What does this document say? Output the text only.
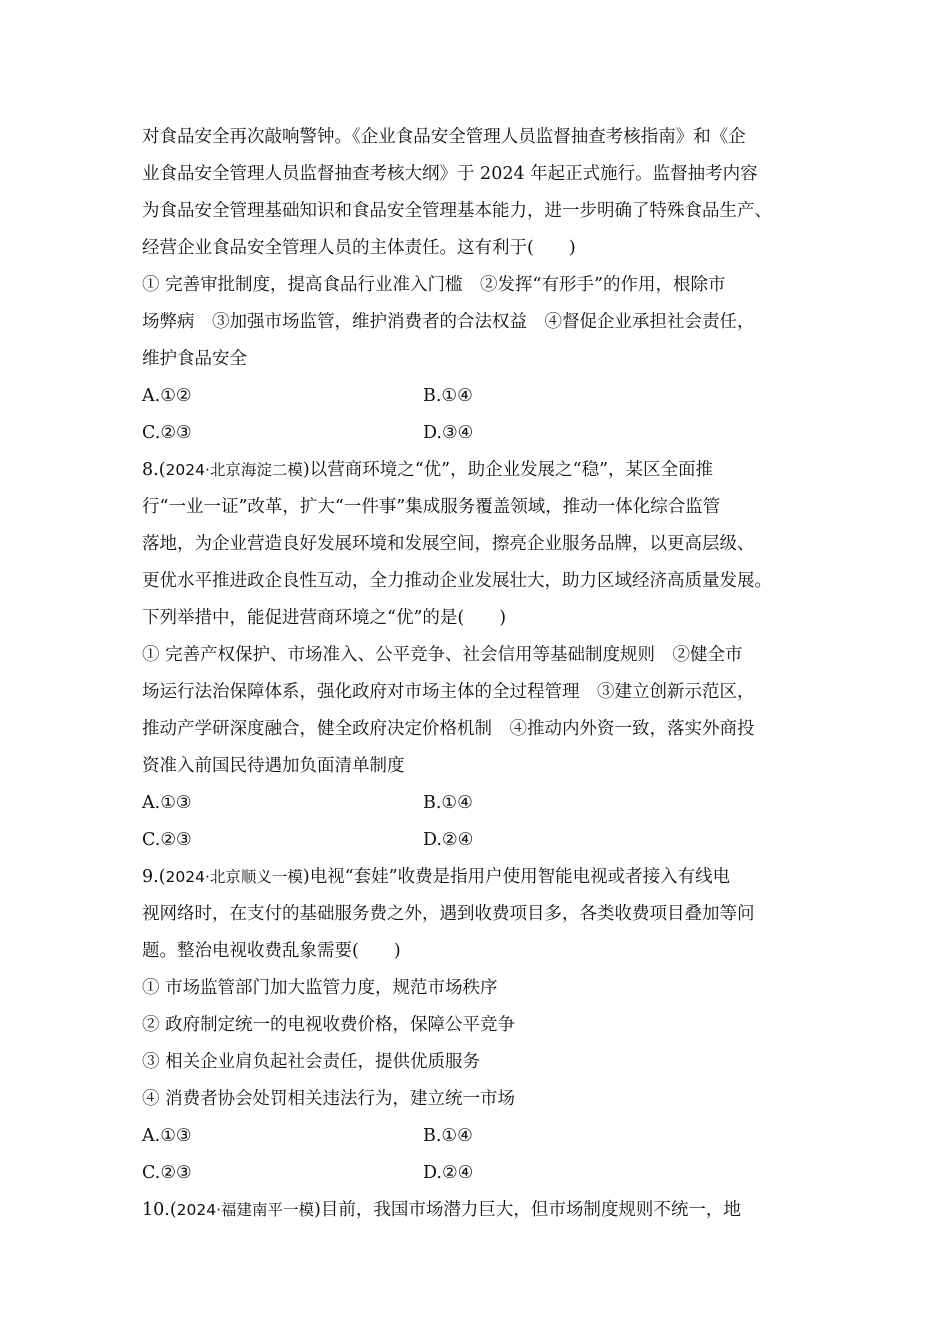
对食品安全再次敲响警钟。《企业食品安全管理人员监督抽查考核指南》和《企
业食品安全管理人员监督抽查考核大纲》于 2024 年起正式施行。监督抽考内容
为食品安全管理基础知识和食品安全管理基本能力，进一步明确了特殊食品生产、
经营企业食品安全管理人员的主体责任。这有利于(　　)
① 完善审批制度，提高食品行业准入门槛　②发挥“有形手”的作用，根除市
场弊病　③加强市场监管，维护消费者的合法权益　④督促企业承担社会责任，
维护食品安全
A.①②	B.①④
C.②③	D.③④
8.(2024·北京海淀二模)以营商环境之“优”，助企业发展之“稳”，某区全面推
行“一业一证”改革，扩大“一件事”集成服务覆盖领域，推动一体化综合监管
落地，为企业营造良好发展环境和发展空间，擦亮企业服务品牌，以更高层级、
更优水平推进政企良性互动，全力推动企业发展壮大，助力区域经济高质量发展。
下列举措中，能促进营商环境之“优”的是(　　)
① 完善产权保护、市场准入、公平竞争、社会信用等基础制度规则　②健全市
场运行法治保障体系，强化政府对市场主体的全过程管理　③建立创新示范区，
推动产学研深度融合，健全政府决定价格机制　④推动内外资一致，落实外商投
资准入前国民待遇加负面清单制度
A.①③	B.①④
C.②③	D.②④
9.(2024·北京顺义一模)电视“套娃”收费是指用户使用智能电视或者接入有线电
视网络时，在支付的基础服务费之外，遇到收费项目多，各类收费项目叠加等问
题。整治电视收费乱象需要(　　)
① 市场监管部门加大监管力度，规范市场秩序
② 政府制定统一的电视收费价格，保障公平竞争
③ 相关企业肩负起社会责任，提供优质服务
④ 消费者协会处罚相关违法行为，建立统一市场
A.①③	B.①④
C.②③	D.②④
10.(2024·福建南平一模)目前，我国市场潜力巨大，但市场制度规则不统一，地
